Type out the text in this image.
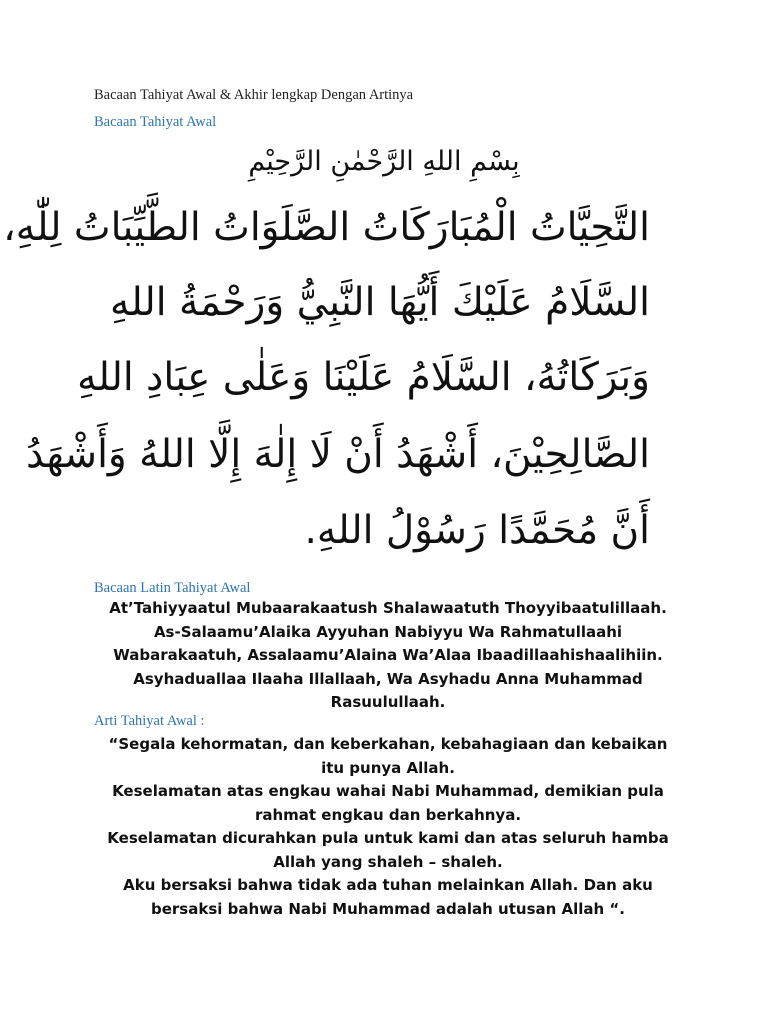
Bacaan Tahiyat Awal & Akhir lengkap Dengan Artinya
Bacaan Tahiyat Awal
بِسْمِ اللهِ الرَّحْمٰنِ الرَّحِيْمِ
التَّحِيَّاتُ الْمُبَارَكَاتُ الصَّلَوَاتُ الطَّيِّبَاتُ لِلّٰهِ،
السَّلَامُ عَلَيْكَ أَيُّهَا النَّبِيُّ وَرَحْمَةُ اللهِ
وَبَرَكَاتُهُ، السَّلَامُ عَلَيْنَا وَعَلٰى عِبَادِ اللهِ
الصَّالِحِيْنَ، أَشْهَدُ أَنْ لَا إِلٰهَ إِلَّا اللهُ وَأَشْهَدُ
أَنَّ مُحَمَّدًا رَسُوْلُ اللهِ.
Bacaan Latin Tahiyat Awal
At’Tahiyyaatul Mubaarakaatush Shalawaatuth Thoyyibaatulillaah.
As-Salaamu’Alaika Ayyuhan Nabiyyu Wa Rahmatullaahi
Wabarakaatuh, Assalaamu’Alaina Wa’Alaa Ibaadillaahishaalihiin.
Asyhaduallaa Ilaaha Illallaah, Wa Asyhadu Anna Muhammad
Rasuulullaah.
Arti Tahiyat Awal :
“Segala kehormatan, dan keberkahan, kebahagiaan dan kebaikan
itu punya Allah.
Keselamatan atas engkau wahai Nabi Muhammad, demikian pula
rahmat engkau dan berkahnya.
Keselamatan dicurahkan pula untuk kami dan atas seluruh hamba
Allah yang shaleh – shaleh.
Aku bersaksi bahwa tidak ada tuhan melainkan Allah. Dan aku
bersaksi bahwa Nabi Muhammad adalah utusan Allah “.
